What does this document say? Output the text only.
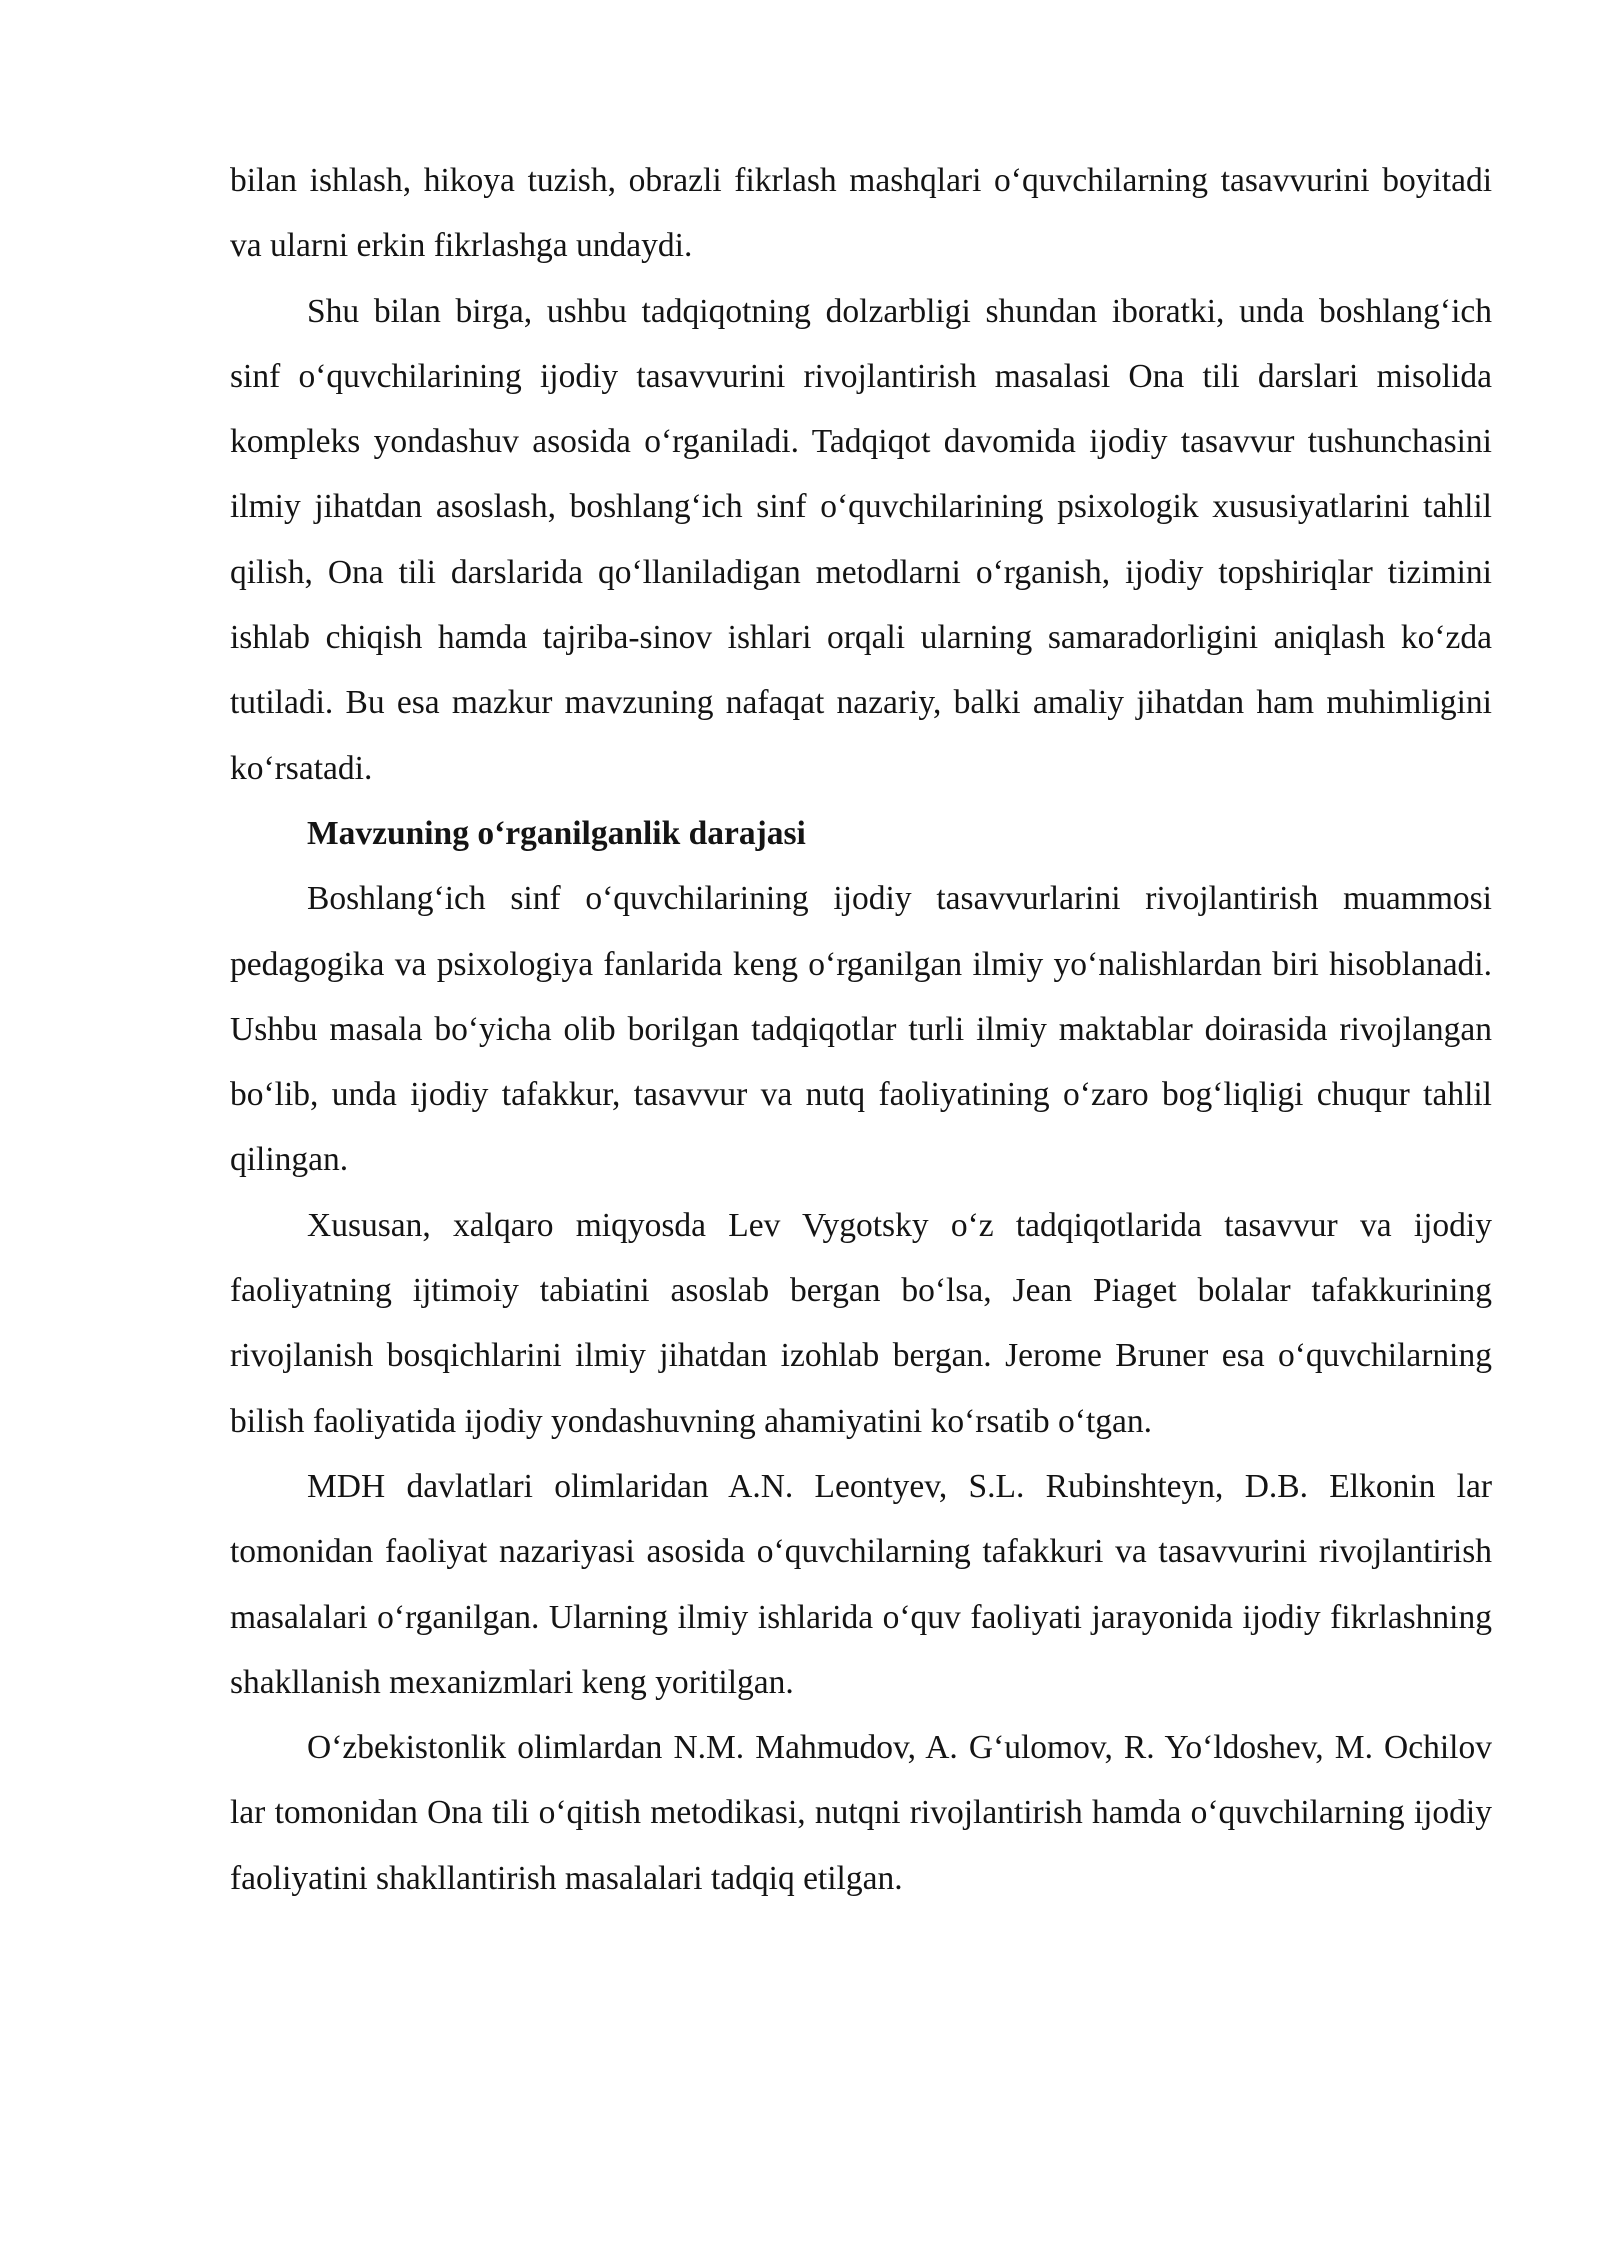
bilan ishlash, hikoya tuzish, obrazli fikrlash mashqlari o‘quvchilarning tasavvurini boyitadi va ularni erkin fikrlashga undaydi.

Shu bilan birga, ushbu tadqiqotning dolzarbligi shundan iboratki, unda boshlang‘ich sinf o‘quvchilarining ijodiy tasavvurini rivojlantirish masalasi Ona tili darslari misolida kompleks yondashuv asosida o‘rganiladi. Tadqiqot davomida ijodiy tasavvur tushunchasini ilmiy jihatdan asoslash, boshlang‘ich sinf o‘quvchilarining psixologik xususiyatlarini tahlil qilish, Ona tili darslarida qo‘llaniladigan metodlarni o‘rganish, ijodiy topshiriqlar tizimini ishlab chiqish hamda tajriba-sinov ishlari orqali ularning samaradorligini aniqlash ko‘zda tutiladi. Bu esa mazkur mavzuning nafaqat nazariy, balki amaliy jihatdan ham muhimligini ko‘rsatadi.

Mavzuning o‘rganilganlik darajasi

Boshlang‘ich sinf o‘quvchilarining ijodiy tasavvurlarini rivojlantirish muammosi pedagogika va psixologiya fanlarida keng o‘rganilgan ilmiy yo‘nalishlardan biri hisoblanadi. Ushbu masala bo‘yicha olib borilgan tadqiqotlar turli ilmiy maktablar doirasida rivojlangan bo‘lib, unda ijodiy tafakkur, tasavvur va nutq faoliyatining o‘zaro bog‘liqligi chuqur tahlil qilingan.

Xususan, xalqaro miqyosda Lev Vygotsky o‘z tadqiqotlarida tasavvur va ijodiy faoliyatning ijtimoiy tabiatini asoslab bergan bo‘lsa, Jean Piaget bolalar tafakkurining rivojlanish bosqichlarini ilmiy jihatdan izohlab bergan. Jerome Bruner esa o‘quvchilarning bilish faoliyatida ijodiy yondashuvning ahamiyatini ko‘rsatib o‘tgan.

MDH davlatlari olimlaridan A.N. Leontyev, S.L. Rubinshteyn, D.B. Elkonin lar tomonidan faoliyat nazariyasi asosida o‘quvchilarning tafakkuri va tasavvurini rivojlantirish masalalari o‘rganilgan. Ularning ilmiy ishlarida o‘quv faoliyati jarayonida ijodiy fikrlashning shakllanish mexanizmlari keng yoritilgan.

O‘zbekistonlik olimlardan N.M. Mahmudov, A. G‘ulomov, R. Yo‘ldoshev, M. Ochilov lar tomonidan Ona tili o‘qitish metodikasi, nutqni rivojlantirish hamda o‘quvchilarning ijodiy faoliyatini shakllantirish masalalari tadqiq etilgan.
